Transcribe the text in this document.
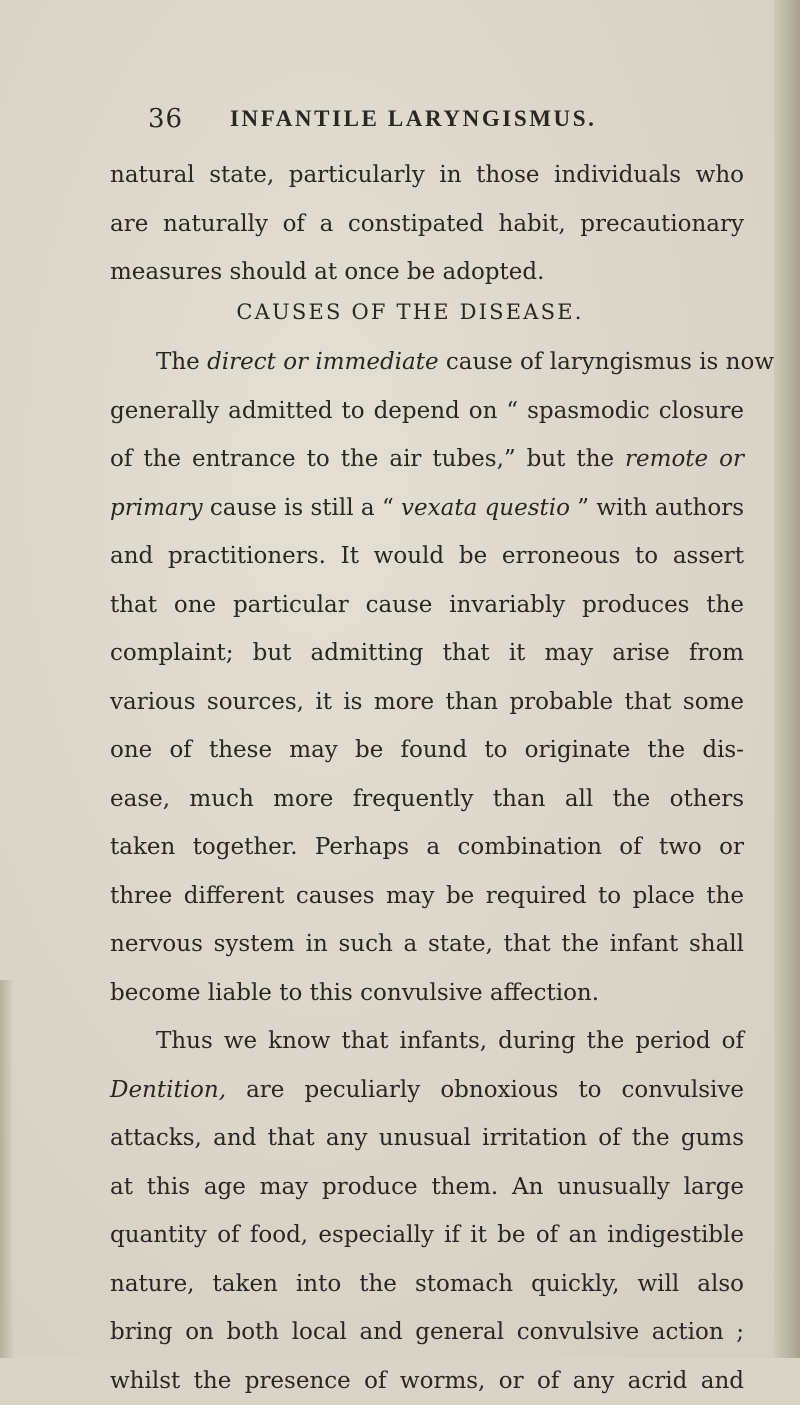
36 INFANTILE LARYNGISMUS.
natural state, particularly in those individuals who
are naturally of a constipated habit, precautionary
measures should at once be adopted.
CAUSES OF THE DISEASE.
The direct or immediate cause of laryngismus is now
generally admitted to depend on “ spasmodic closure
of the entrance to the air tubes,” but the remote or
primary cause is still a “ vexata questio ” with authors
and practitioners. It would be erroneous to assert
that one particular cause invariably produces the
complaint; but admitting that it may arise from
various sources, it is more than probable that some
one of these may be found to originate the dis-
ease, much more frequently than all the others
taken together. Perhaps a combination of two or
three different causes may be required to place the
nervous system in such a state, that the infant shall
become liable to this convulsive affection.
Thus we know that infants, during the period of
Dentition, are peculiarly obnoxious to convulsive
attacks, and that any unusual irritation of the gums
at this age may produce them. An unusually large
quantity of food, especially if it be of an indigestible
nature, taken into the stomach quickly, will also
bring on both local and general convulsive action ;
whilst the presence of worms, or of any acrid and
